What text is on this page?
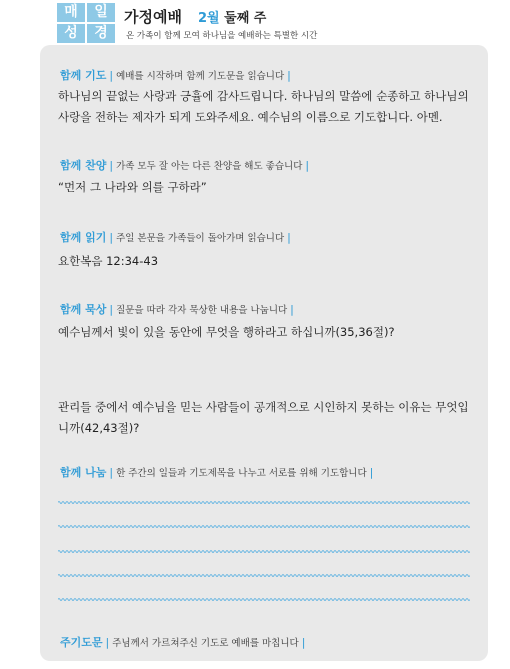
매	일
성	경
가정예배 2월 둘째 주
온 가족이 함께 모여 하나님을 예배하는 특별한 시간
함께 기도 | 예배를 시작하며 함께 기도문을 읽습니다 |
하나님의 끝없는 사랑과 긍휼에 감사드립니다. 하나님의 말씀에 순종하고 하나님의 사랑을 전하는 제자가 되게 도와주세요. 예수님의 이름으로 기도합니다. 아멘.
함께 찬양 | 가족 모두 잘 아는 다른 찬양을 해도 좋습니다 |
“먼저 그 나라와 의를 구하라”
함께 읽기 | 주일 본문을 가족들이 돌아가며 읽습니다 |
요한복음 12:34-43
함께 묵상 | 질문을 따라 각자 묵상한 내용을 나눕니다 |
예수님께서 빛이 있을 동안에 무엇을 행하라고 하십니까(35,36절)?
관리들 중에서 예수님을 믿는 사람들이 공개적으로 시인하지 못하는 이유는 무엇입니까(42,43절)?
함께 나눔 | 한 주간의 일들과 기도제목을 나누고 서로를 위해 기도합니다 |
주기도문 | 주님께서 가르쳐주신 기도로 예배를 마칩니다 |
